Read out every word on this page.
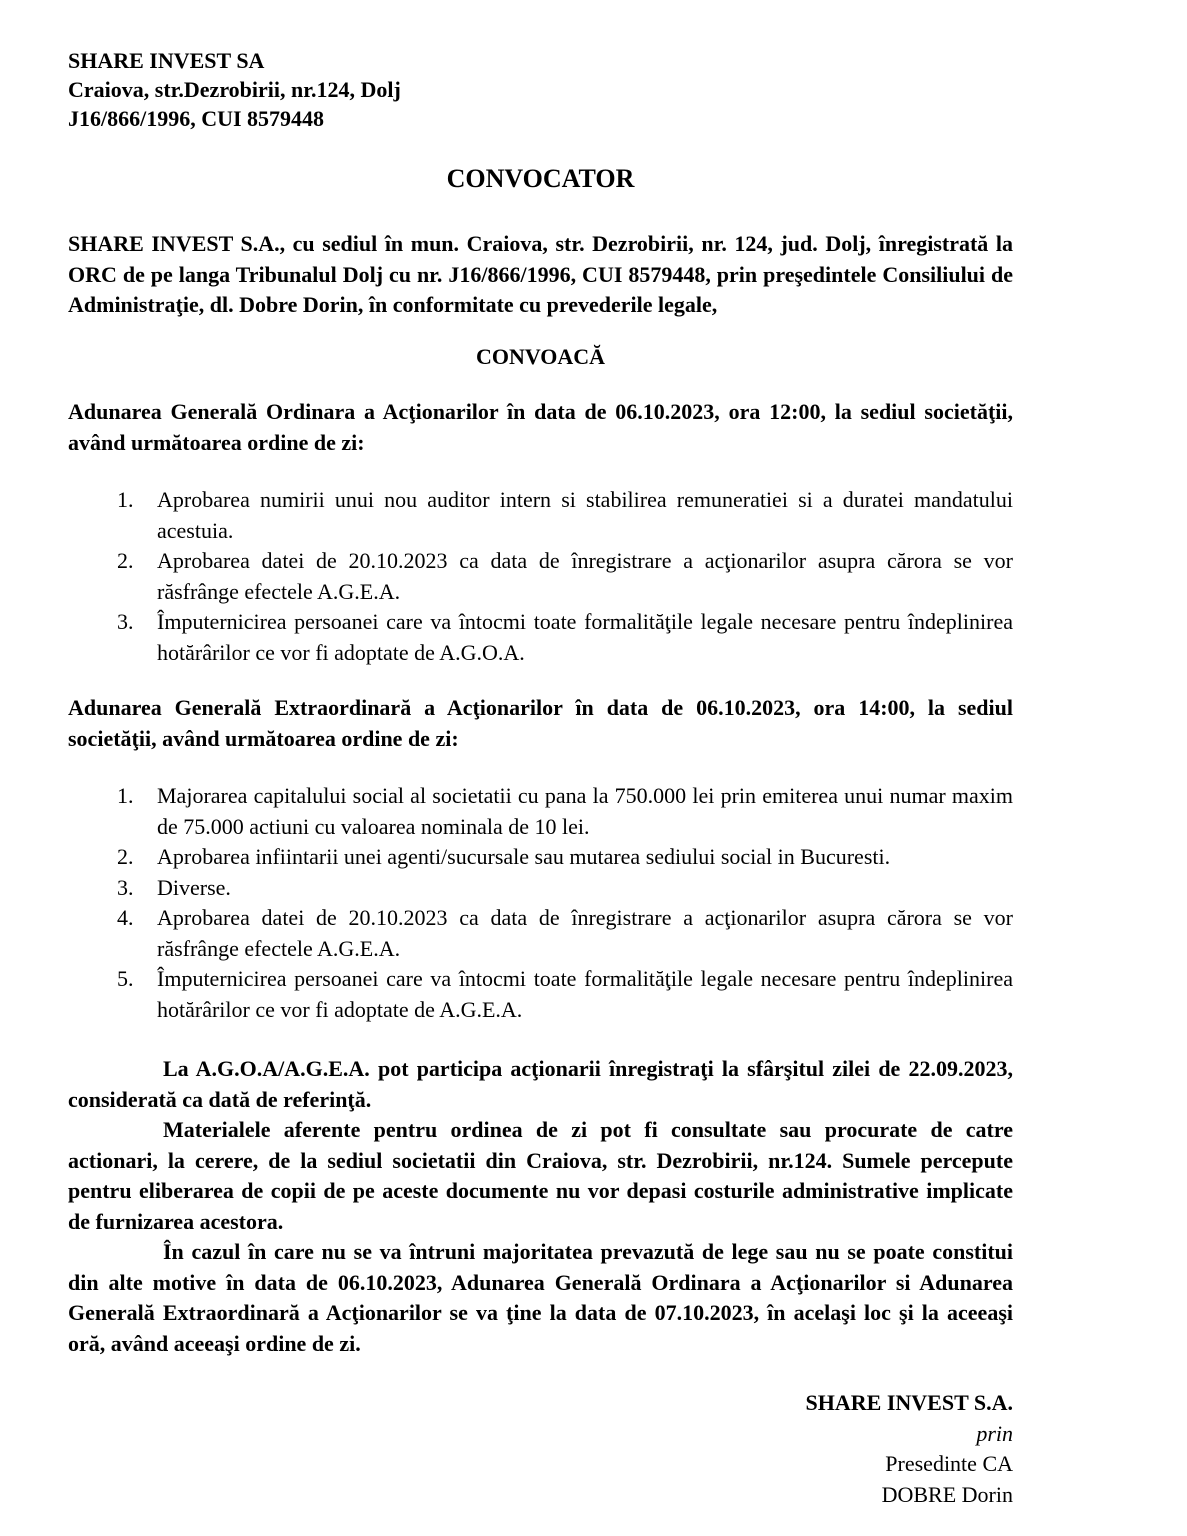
SHARE INVEST SA

Craiova, str.Dezrobirii, nr.124, Dolj

J16/866/1996, CUI 8579448

CONVOCATOR

SHARE INVEST S.A., cu sediul în mun. Craiova, str. Dezrobirii, nr. 124, jud. Dolj, înregistrată la ORC de pe langa Tribunalul Dolj cu nr. J16/866/1996, CUI 8579448, prin preşedintele Consiliului de Administraţie, dl. Dobre Dorin, în conformitate cu prevederile legale,

CONVOACĂ

Adunarea Generală Ordinara a Acţionarilor în data de 06.10.2023, ora 12:00, la sediul societăţii, având următoarea ordine de zi:

Aprobarea numirii unui nou auditor intern si stabilirea remuneratiei si a duratei mandatului acestuia.
Aprobarea datei de 20.10.2023 ca data de înregistrare a acţionarilor asupra cărora se vor răsfrânge efectele A.G.E.A.
Împuternicirea persoanei care va întocmi toate formalităţile legale necesare pentru îndeplinirea hotărârilor ce vor fi adoptate de A.G.O.A.

Adunarea Generală Extraordinară a Acţionarilor în data de 06.10.2023, ora 14:00, la sediul societăţii, având următoarea ordine de zi:

Majorarea capitalului social al societatii cu pana la 750.000 lei prin emiterea unui numar maxim de 75.000 actiuni cu valoarea nominala de 10 lei.
Aprobarea infiintarii unei agenti/sucursale sau mutarea sediului social in Bucuresti.
Diverse.
Aprobarea datei de 20.10.2023 ca data de înregistrare a acţionarilor asupra cărora se vor răsfrânge efectele A.G.E.A.
Împuternicirea persoanei care va întocmi toate formalităţile legale necesare pentru îndeplinirea hotărârilor ce vor fi adoptate de A.G.E.A.

La A.G.O.A/A.G.E.A. pot participa acţionarii înregistraţi la sfârşitul zilei de 22.09.2023, considerată ca dată de referinţă.

Materialele aferente pentru ordinea de zi pot fi consultate sau procurate de catre actionari, la cerere, de la sediul societatii din Craiova, str. Dezrobirii, nr.124. Sumele percepute pentru eliberarea de copii de pe aceste documente nu vor depasi costurile administrative implicate de furnizarea acestora.

În cazul în care nu se va întruni majoritatea prevazută de lege sau nu se poate constitui din alte motive în data de 06.10.2023, Adunarea Generală Ordinara a Acţionarilor si Adunarea Generală Extraordinară a Acţionarilor se va ţine la data de 07.10.2023, în acelaşi loc şi la aceeaşi oră, având aceeaşi ordine de zi.

SHARE INVEST S.A.

prin

Presedinte CA

DOBRE Dorin
